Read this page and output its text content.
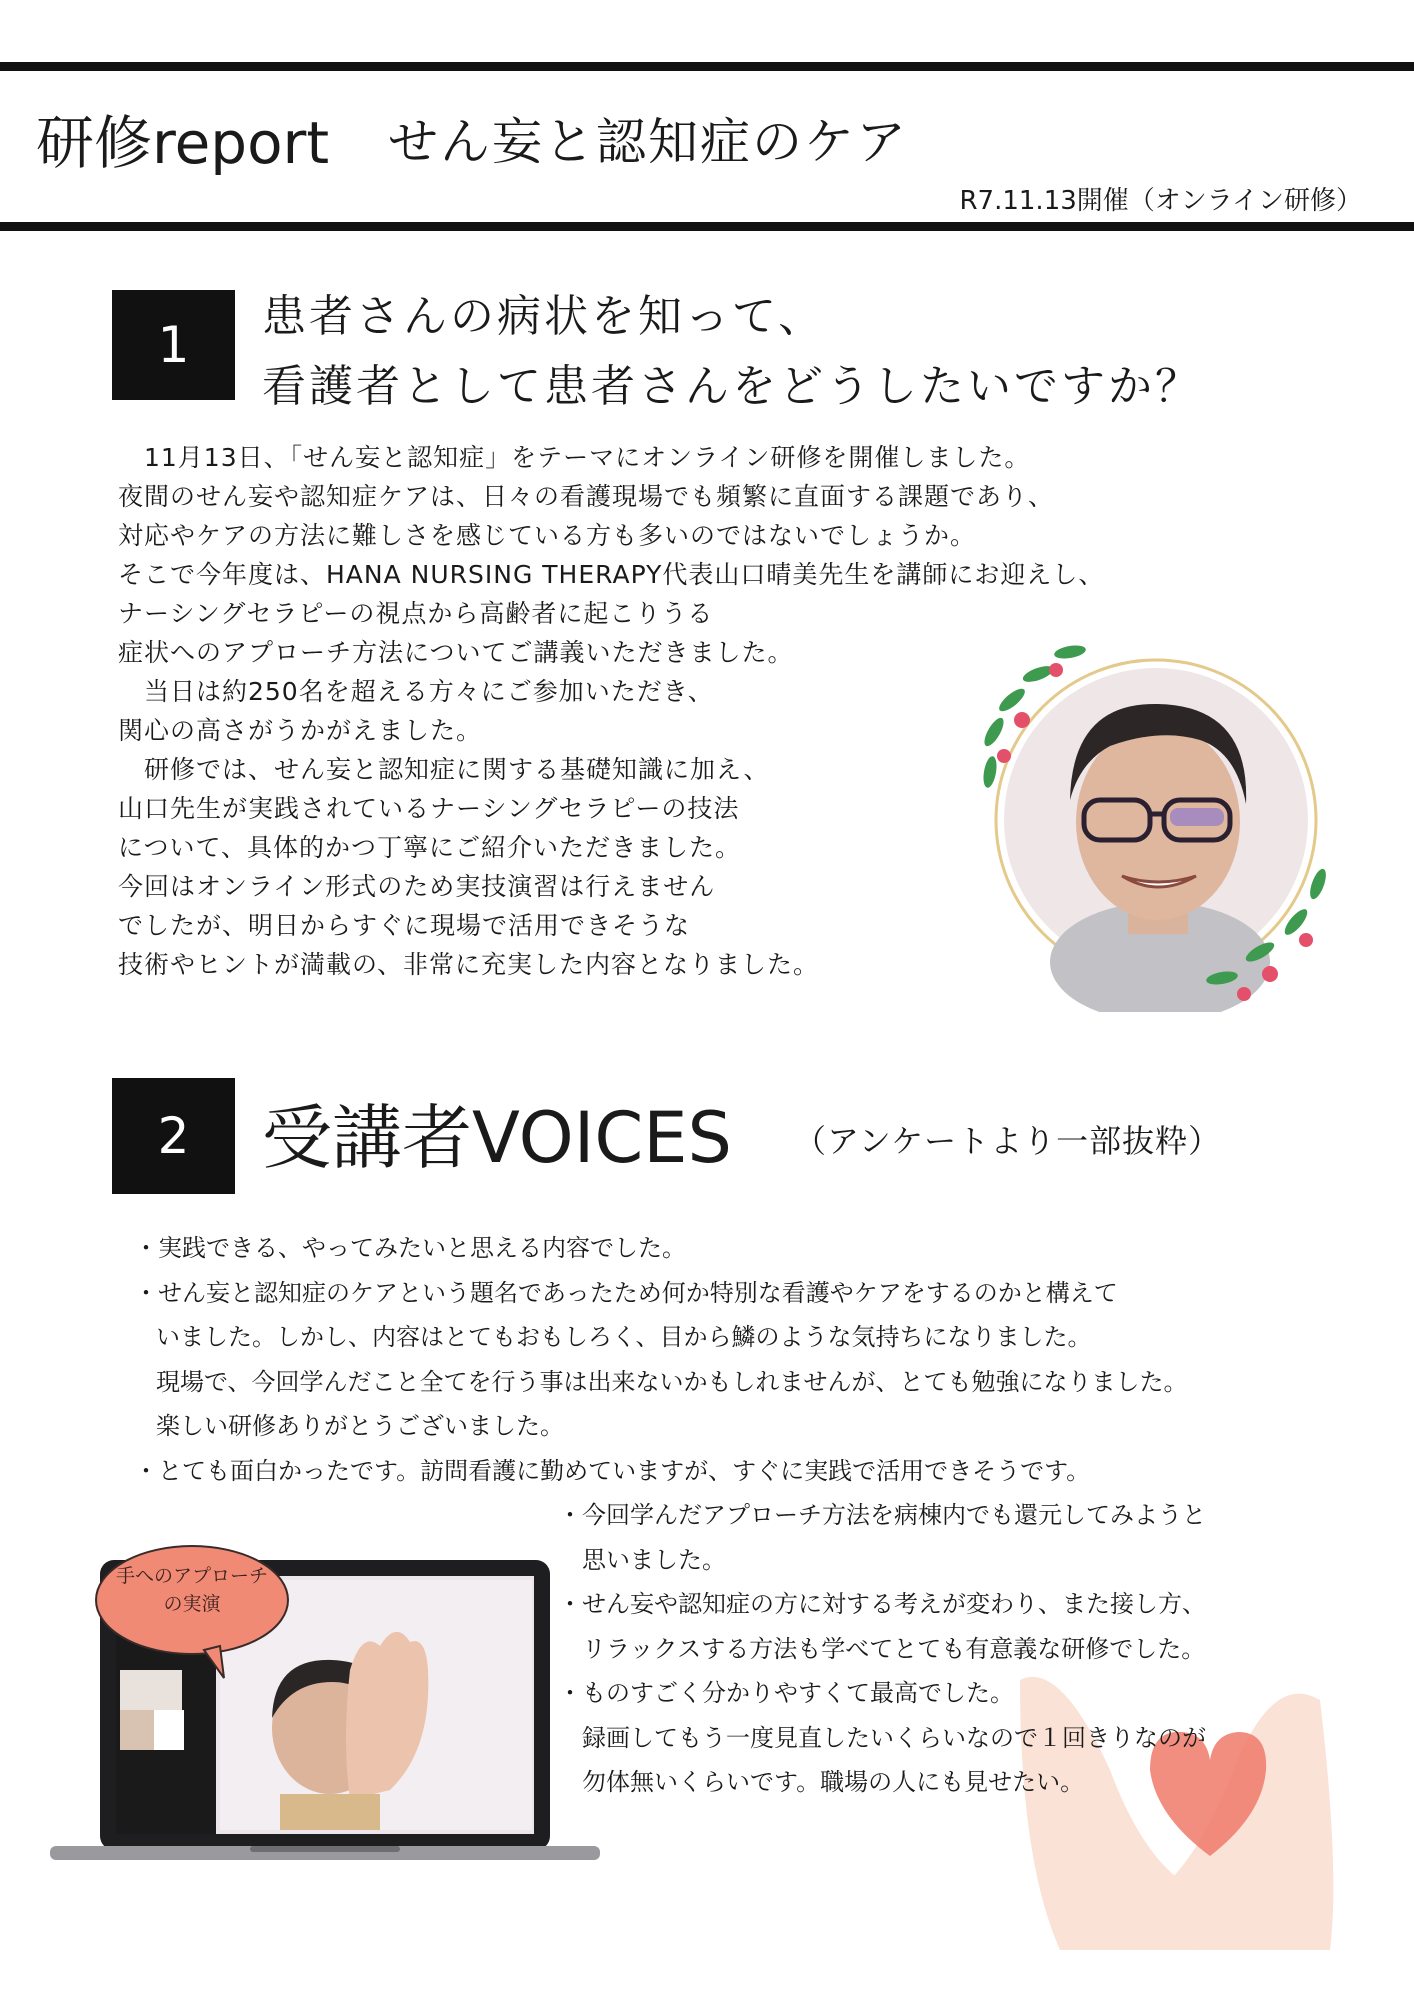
研修report せん妄と認知症のケア
R7.11.13開催（オンライン研修）
1	患者さんの病状を知って、
看護者として患者さんをどうしたいですか？
　11月13日、「せん妄と認知症」をテーマにオンライン研修を開催しました。
夜間のせん妄や認知症ケアは、日々の看護現場でも頻繁に直面する課題であり、
対応やケアの方法に難しさを感じている方も多いのではないでしょうか。
そこで今年度は、HANA NURSING THERAPY代表山口晴美先生を講師にお迎えし、
ナーシングセラピーの視点から高齢者に起こりうる
症状へのアプローチ方法についてご講義いただきました。
　当日は約250名を超える方々にご参加いただき、
関心の高さがうかがえました。
　研修では、せん妄と認知症に関する基礎知識に加え、
山口先生が実践されているナーシングセラピーの技法
について、具体的かつ丁寧にご紹介いただきました。
今回はオンライン形式のため実技演習は行えません
でしたが、明日からすぐに現場で活用できそうな
技術やヒントが満載の、非常に充実した内容となりました。
2	受講者VOICES （アンケートより一部抜粋）
・実践できる、やってみたいと思える内容でした。
・せん妄と認知症のケアという題名であったため何か特別な看護やケアをするのかと構えて
いました。しかし、内容はとてもおもしろく、目から鱗のような気持ちになりました。
現場で、今回学んだこと全てを行う事は出来ないかもしれませんが、とても勉強になりました。
楽しい研修ありがとうございました。
・とても面白かったです。訪問看護に勤めていますが、すぐに実践で活用できそうです。
・今回学んだアプローチ方法を病棟内でも還元してみようと
思いました。
・せん妄や認知症の方に対する考えが変わり、また接し方、
リラックスする方法も学べてとても有意義な研修でした。
・ものすごく分かりやすくて最高でした。
録画してもう一度見直したいくらいなので１回きりなのが
勿体無いくらいです。職場の人にも見せたい。
手へのアプローチ
の実演
